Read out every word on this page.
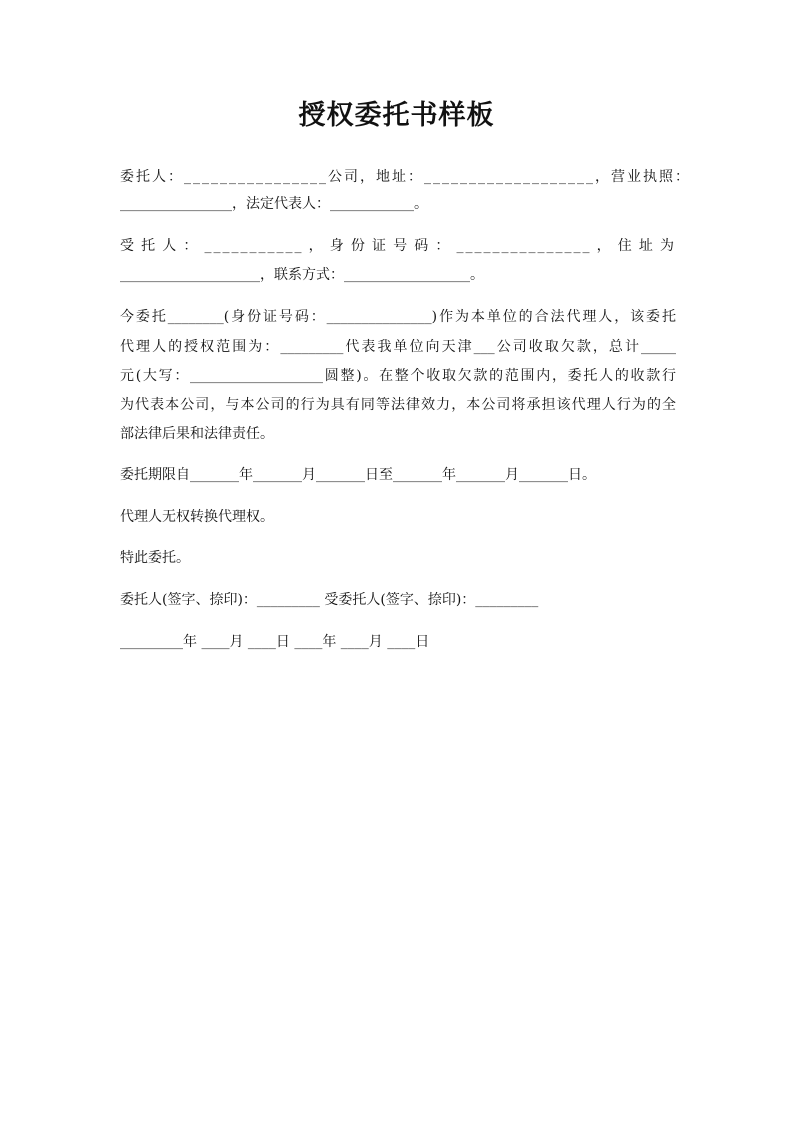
授权委托书样板

委托人：________________公司，地址：___________________，营业执照：

________________，法定代表人：____________。

受托人：___________，身份证号码：_______________，住址为

____________________，联系方式：__________________。

今委托________(身份证号码：_______________)作为本单位的合法代理人，该委托

代理人的授权范围为：_________代表我单位向天津___公司收取欠款，总计_____

元(大写：___________________圆整)。在整个收取欠款的范围内，委托人的收款行

为代表本公司，与本公司的行为具有同等法律效力，本公司将承担该代理人行为的全

部法律后果和法律责任。

委托期限自_______年_______月_______日至_______年_______月_______日。

代理人无权转换代理权。

特此委托。

委托人(签字、捺印)：_________ 受委托人(签字、捺印)：_________

_________年 ____月 ____日 ____年 ____月 ____日
